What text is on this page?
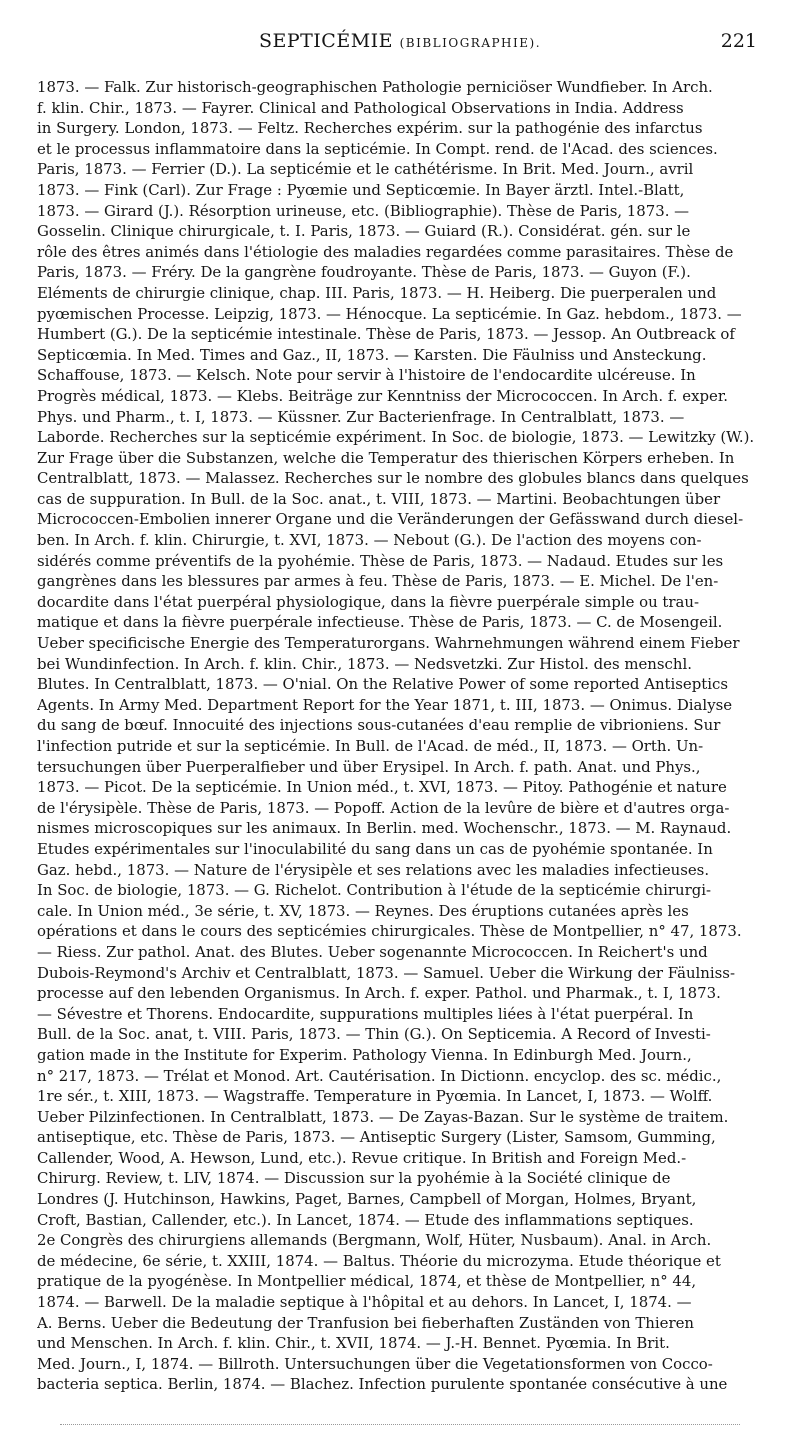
SEPTICÉMIE (BIBLIOGRAPHIE).	221
1873. — Falk. Zur historisch-geographischen Pathologie perniciöser Wundfieber. In Arch.
f. klin. Chir., 1873. — Fayrer. Clinical and Pathological Observations in India. Address
in Surgery. London, 1873. — Feltz. Recherches expérim. sur la pathogénie des infarctus
et le processus inflammatoire dans la septicémie. In Compt. rend. de l'Acad. des sciences.
Paris, 1873. — Ferrier (D.). La septicémie et le cathétérisme. In Brit. Med. Journ., avril
1873. — Fink (Carl). Zur Frage : Pyœmie und Septicœmie. In Bayer ärztl. Intel.-Blatt,
1873. — Girard (J.). Résorption urineuse, etc. (Bibliographie). Thèse de Paris, 1873. —
Gosselin. Clinique chirurgicale, t. I. Paris, 1873. — Guiard (R.). Considérat. gén. sur le
rôle des êtres animés dans l'étiologie des maladies regardées comme parasitaires. Thèse de
Paris, 1873. — Fréry. De la gangrène foudroyante. Thèse de Paris, 1873. — Guyon (F.).
Eléments de chirurgie clinique, chap. III. Paris, 1873. — H. Heiberg. Die puerperalen und
pyœmischen Processe. Leipzig, 1873. — Hénocque. La septicémie. In Gaz. hebdom., 1873. —
Humbert (G.). De la septicémie intestinale. Thèse de Paris, 1873. — Jessop. An Outbreack of
Septicœmia. In Med. Times and Gaz., II, 1873. — Karsten. Die Fäulniss und Ansteckung.
Schaffouse, 1873. — Kelsch. Note pour servir à l'histoire de l'endocardite ulcéreuse. In
Progrès médical, 1873. — Klebs. Beiträge zur Kenntniss der Micrococcen. In Arch. f. exper.
Phys. und Pharm., t. I, 1873. — Küssner. Zur Bacterienfrage. In Centralblatt, 1873. —
Laborde. Recherches sur la septicémie expériment. In Soc. de biologie, 1873. — Lewitzky (W.).
Zur Frage über die Substanzen, welche die Temperatur des thierischen Körpers erheben. In
Centralblatt, 1873. — Malassez. Recherches sur le nombre des globules blancs dans quelques
cas de suppuration. In Bull. de la Soc. anat., t. VIII, 1873. — Martini. Beobachtungen über
Micrococcen-Embolien innerer Organe und die Veränderungen der Gefässwand durch diesel-
ben. In Arch. f. klin. Chirurgie, t. XVI, 1873. — Nebout (G.). De l'action des moyens con-
sidérés comme préventifs de la pyohémie. Thèse de Paris, 1873. — Nadaud. Etudes sur les
gangrènes dans les blessures par armes à feu. Thèse de Paris, 1873. — E. Michel. De l'en-
docardite dans l'état puerpéral physiologique, dans la fièvre puerpérale simple ou trau-
matique et dans la fièvre puerpérale infectieuse. Thèse de Paris, 1873. — C. de Mosengeil.
Ueber specificische Energie des Temperaturorgans. Wahrnehmungen während einem Fieber
bei Wundinfection. In Arch. f. klin. Chir., 1873. — Nedsvetzki. Zur Histol. des menschl.
Blutes. In Centralblatt, 1873. — O'nial. On the Relative Power of some reported Antiseptics
Agents. In Army Med. Department Report for the Year 1871, t. III, 1873. — Onimus. Dialyse
du sang de bœuf. Innocuité des injections sous-cutanées d'eau remplie de vibrioniens. Sur
l'infection putride et sur la septicémie. In Bull. de l'Acad. de méd., II, 1873. — Orth. Un-
tersuchungen über Puerperalfieber und über Erysipel. In Arch. f. path. Anat. und Phys.,
1873. — Picot. De la septicémie. In Union méd., t. XVI, 1873. — Pitoy. Pathogénie et nature
de l'érysipèle. Thèse de Paris, 1873. — Popoff. Action de la levûre de bière et d'autres orga-
nismes microscopiques sur les animaux. In Berlin. med. Wochenschr., 1873. — M. Raynaud.
Etudes expérimentales sur l'inoculabilité du sang dans un cas de pyohémie spontanée. In
Gaz. hebd., 1873. — Nature de l'érysipèle et ses relations avec les maladies infectieuses.
In Soc. de biologie, 1873. — G. Richelot. Contribution à l'étude de la septicémie chirurgi-
cale. In Union méd., 3e série, t. XV, 1873. — Reynes. Des éruptions cutanées après les
opérations et dans le cours des septicémies chirurgicales. Thèse de Montpellier, n° 47, 1873.
— Riess. Zur pathol. Anat. des Blutes. Ueber sogenannte Micrococcen. In Reichert's und
Dubois-Reymond's Archiv et Centralblatt, 1873. — Samuel. Ueber die Wirkung der Fäulniss-
processe auf den lebenden Organismus. In Arch. f. exper. Pathol. und Pharmak., t. I, 1873.
— Sévestre et Thorens. Endocardite, suppurations multiples liées à l'état puerpéral. In
Bull. de la Soc. anat, t. VIII. Paris, 1873. — Thin (G.). On Septicemia. A Record of Investi-
gation made in the Institute for Experim. Pathology Vienna. In Edinburgh Med. Journ.,
n° 217, 1873. — Trélat et Monod. Art. Cautérisation. In Dictionn. encyclop. des sc. médic.,
1re sér., t. XIII, 1873. — Wagstraffe. Temperature in Pyœmia. In Lancet, I, 1873. — Wolff.
Ueber Pilzinfectionen. In Centralblatt, 1873. — De Zayas-Bazan. Sur le système de traitem.
antiseptique, etc. Thèse de Paris, 1873. — Antiseptic Surgery (Lister, Samsom, Gumming,
Callender, Wood, A. Hewson, Lund, etc.). Revue critique. In British and Foreign Med.-
Chirurg. Review, t. LIV, 1874. — Discussion sur la pyohémie à la Société clinique de
Londres (J. Hutchinson, Hawkins, Paget, Barnes, Campbell of Morgan, Holmes, Bryant,
Croft, Bastian, Callender, etc.). In Lancet, 1874. — Etude des inflammations septiques.
2e Congrès des chirurgiens allemands (Bergmann, Wolf, Hüter, Nusbaum). Anal. in Arch.
de médecine, 6e série, t. XXIII, 1874. — Baltus. Théorie du microzyma. Etude théorique et
pratique de la pyogénèse. In Montpellier médical, 1874, et thèse de Montpellier, n° 44,
1874. — Barwell. De la maladie septique à l'hôpital et au dehors. In Lancet, I, 1874. —
A. Berns. Ueber die Bedeutung der Tranfusion bei fieberhaften Zuständen von Thieren
und Menschen. In Arch. f. klin. Chir., t. XVII, 1874. — J.-H. Bennet. Pyœmia. In Brit.
Med. Journ., I, 1874. — Billroth. Untersuchungen über die Vegetationsformen von Cocco-
bacteria septica. Berlin, 1874. — Blachez. Infection purulente spontanée consécutive à une
